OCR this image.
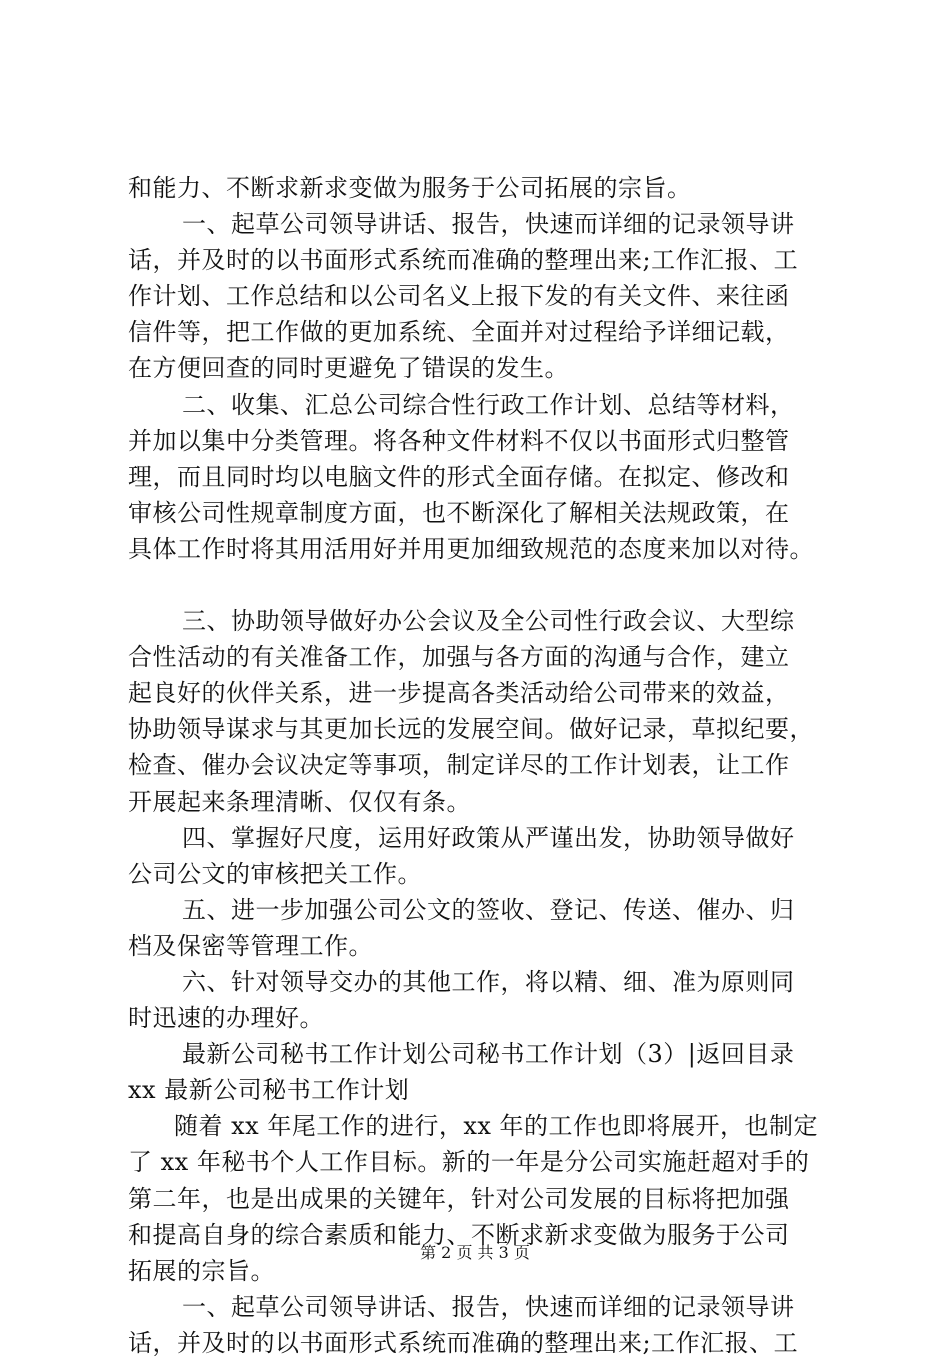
和能力、不断求新求变做为服务于公司拓展的宗旨。
一、起草公司领导讲话、报告，快速而详细的记录领导讲
话，并及时的以书面形式系统而准确的整理出来;工作汇报、工
作计划、工作总结和以公司名义上报下发的有关文件、来往函
信件等，把工作做的更加系统、全面并对过程给予详细记载，
在方便回查的同时更避免了错误的发生。
二、收集、汇总公司综合性行政工作计划、总结等材料，
并加以集中分类管理。将各种文件材料不仅以书面形式归整管
理，而且同时均以电脑文件的形式全面存储。在拟定、修改和
审核公司性规章制度方面，也不断深化了解相关法规政策，在
具体工作时将其用活用好并用更加细致规范的态度来加以对待。
三、协助领导做好办公会议及全公司性行政会议、大型综
合性活动的有关准备工作，加强与各方面的沟通与合作，建立
起良好的伙伴关系，进一步提高各类活动给公司带来的效益，
协助领导谋求与其更加长远的发展空间。做好记录，草拟纪要，
检查、催办会议决定等事项，制定详尽的工作计划表，让工作
开展起来条理清晰、仅仅有条。
四、掌握好尺度，运用好政策从严谨出发，协助领导做好
公司公文的审核把关工作。
五、进一步加强公司公文的签收、登记、传送、催办、归
档及保密等管理工作。
六、针对领导交办的其他工作，将以精、细、准为原则同
时迅速的办理好。
最新公司秘书工作计划公司秘书工作计划（3）|返回目录
xx 最新公司秘书工作计划
随着 xx 年尾工作的进行，xx 年的工作也即将展开，也制定
了 xx 年秘书个人工作目标。新的一年是分公司实施赶超对手的
第二年，也是出成果的关键年，针对公司发展的目标将把加强
和提高自身的综合素质和能力、不断求新求变做为服务于公司
拓展的宗旨。
一、起草公司领导讲话、报告，快速而详细的记录领导讲
话，并及时的以书面形式系统而准确的整理出来;工作汇报、工
第 2 页 共 3 页
